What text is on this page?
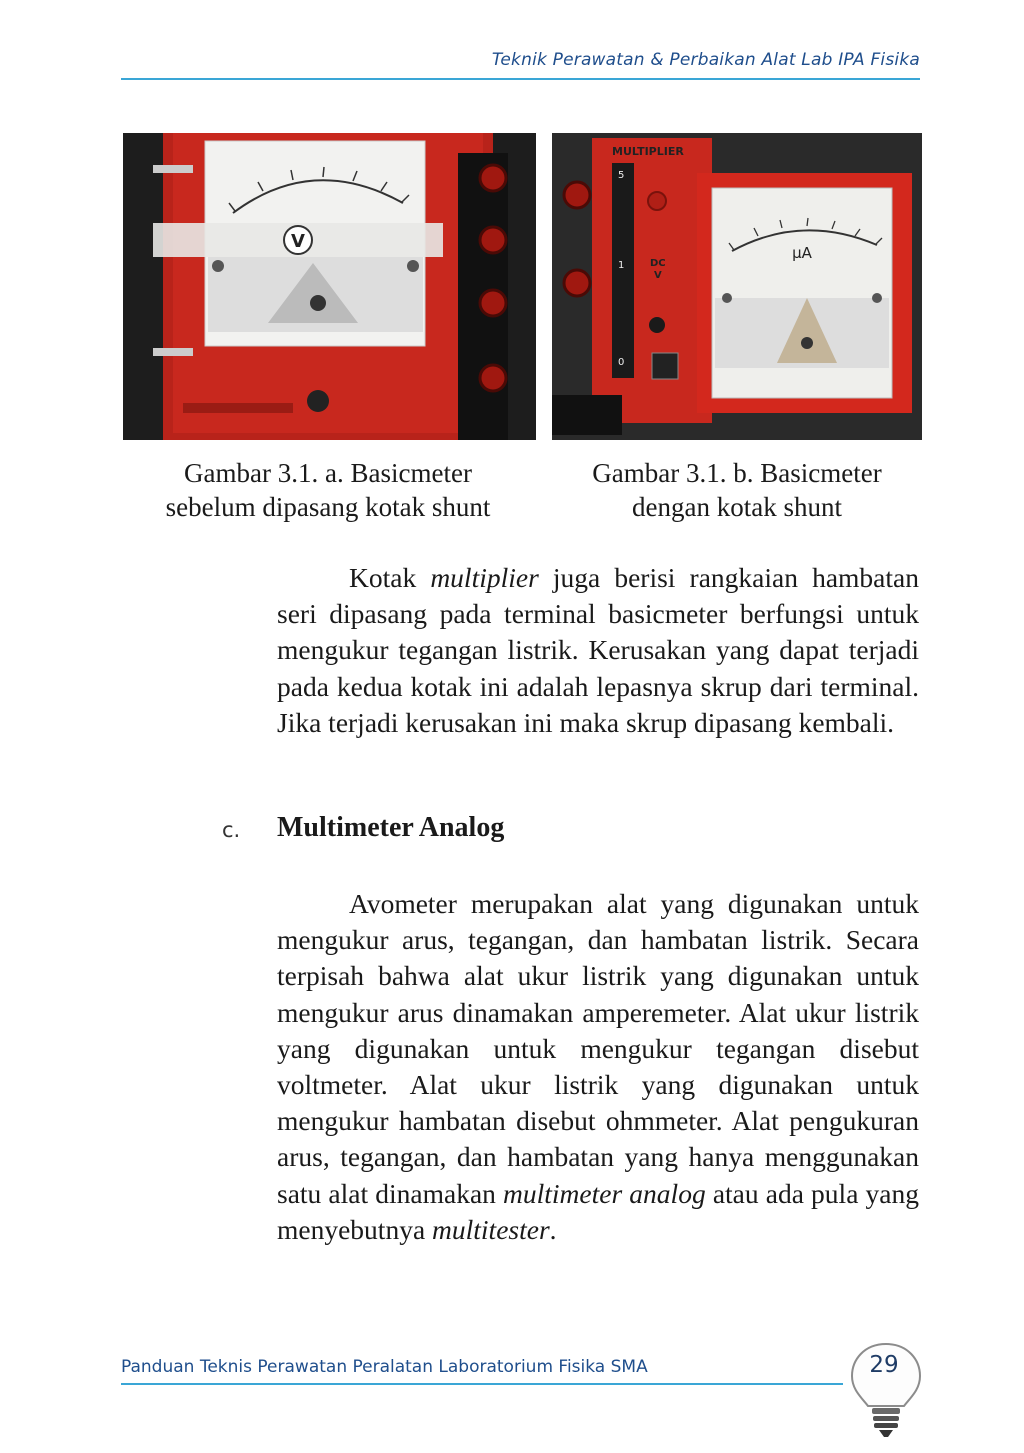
Teknik Perawatan & Perbaikan Alat Lab IPA Fisika
V
MULTIPLIER
5
1
0
DC
V
µA
Gambar 3.1. a. Basicmeter
sebelum dipasang kotak shunt
Gambar 3.1. b. Basicmeter
dengan kotak shunt
Kotak multiplier juga berisi rangkaian hambatan seri dipasang pada terminal basicmeter berfungsi untuk mengukur tegangan listrik. Kerusakan yang dapat terjadi pada kedua kotak ini adalah lepasnya skrup dari terminal. Jika terjadi kerusakan ini maka skrup dipasang kembali.
c. Multimeter Analog
Avometer merupakan alat yang digunakan untuk mengukur arus, tegangan, dan hambatan listrik. Secara terpisah bahwa alat ukur listrik yang digunakan untuk mengukur arus dinamakan amperemeter. Alat ukur listrik yang digunakan untuk mengukur tegangan disebut voltmeter. Alat ukur listrik yang digunakan untuk mengukur hambatan disebut ohmmeter. Alat pengukuran arus, tegangan, dan hambatan yang hanya menggunakan satu alat dinamakan multimeter analog atau ada pula yang menyebutnya multitester.
Panduan Teknis Perawatan Peralatan Laboratorium Fisika SMA	29
